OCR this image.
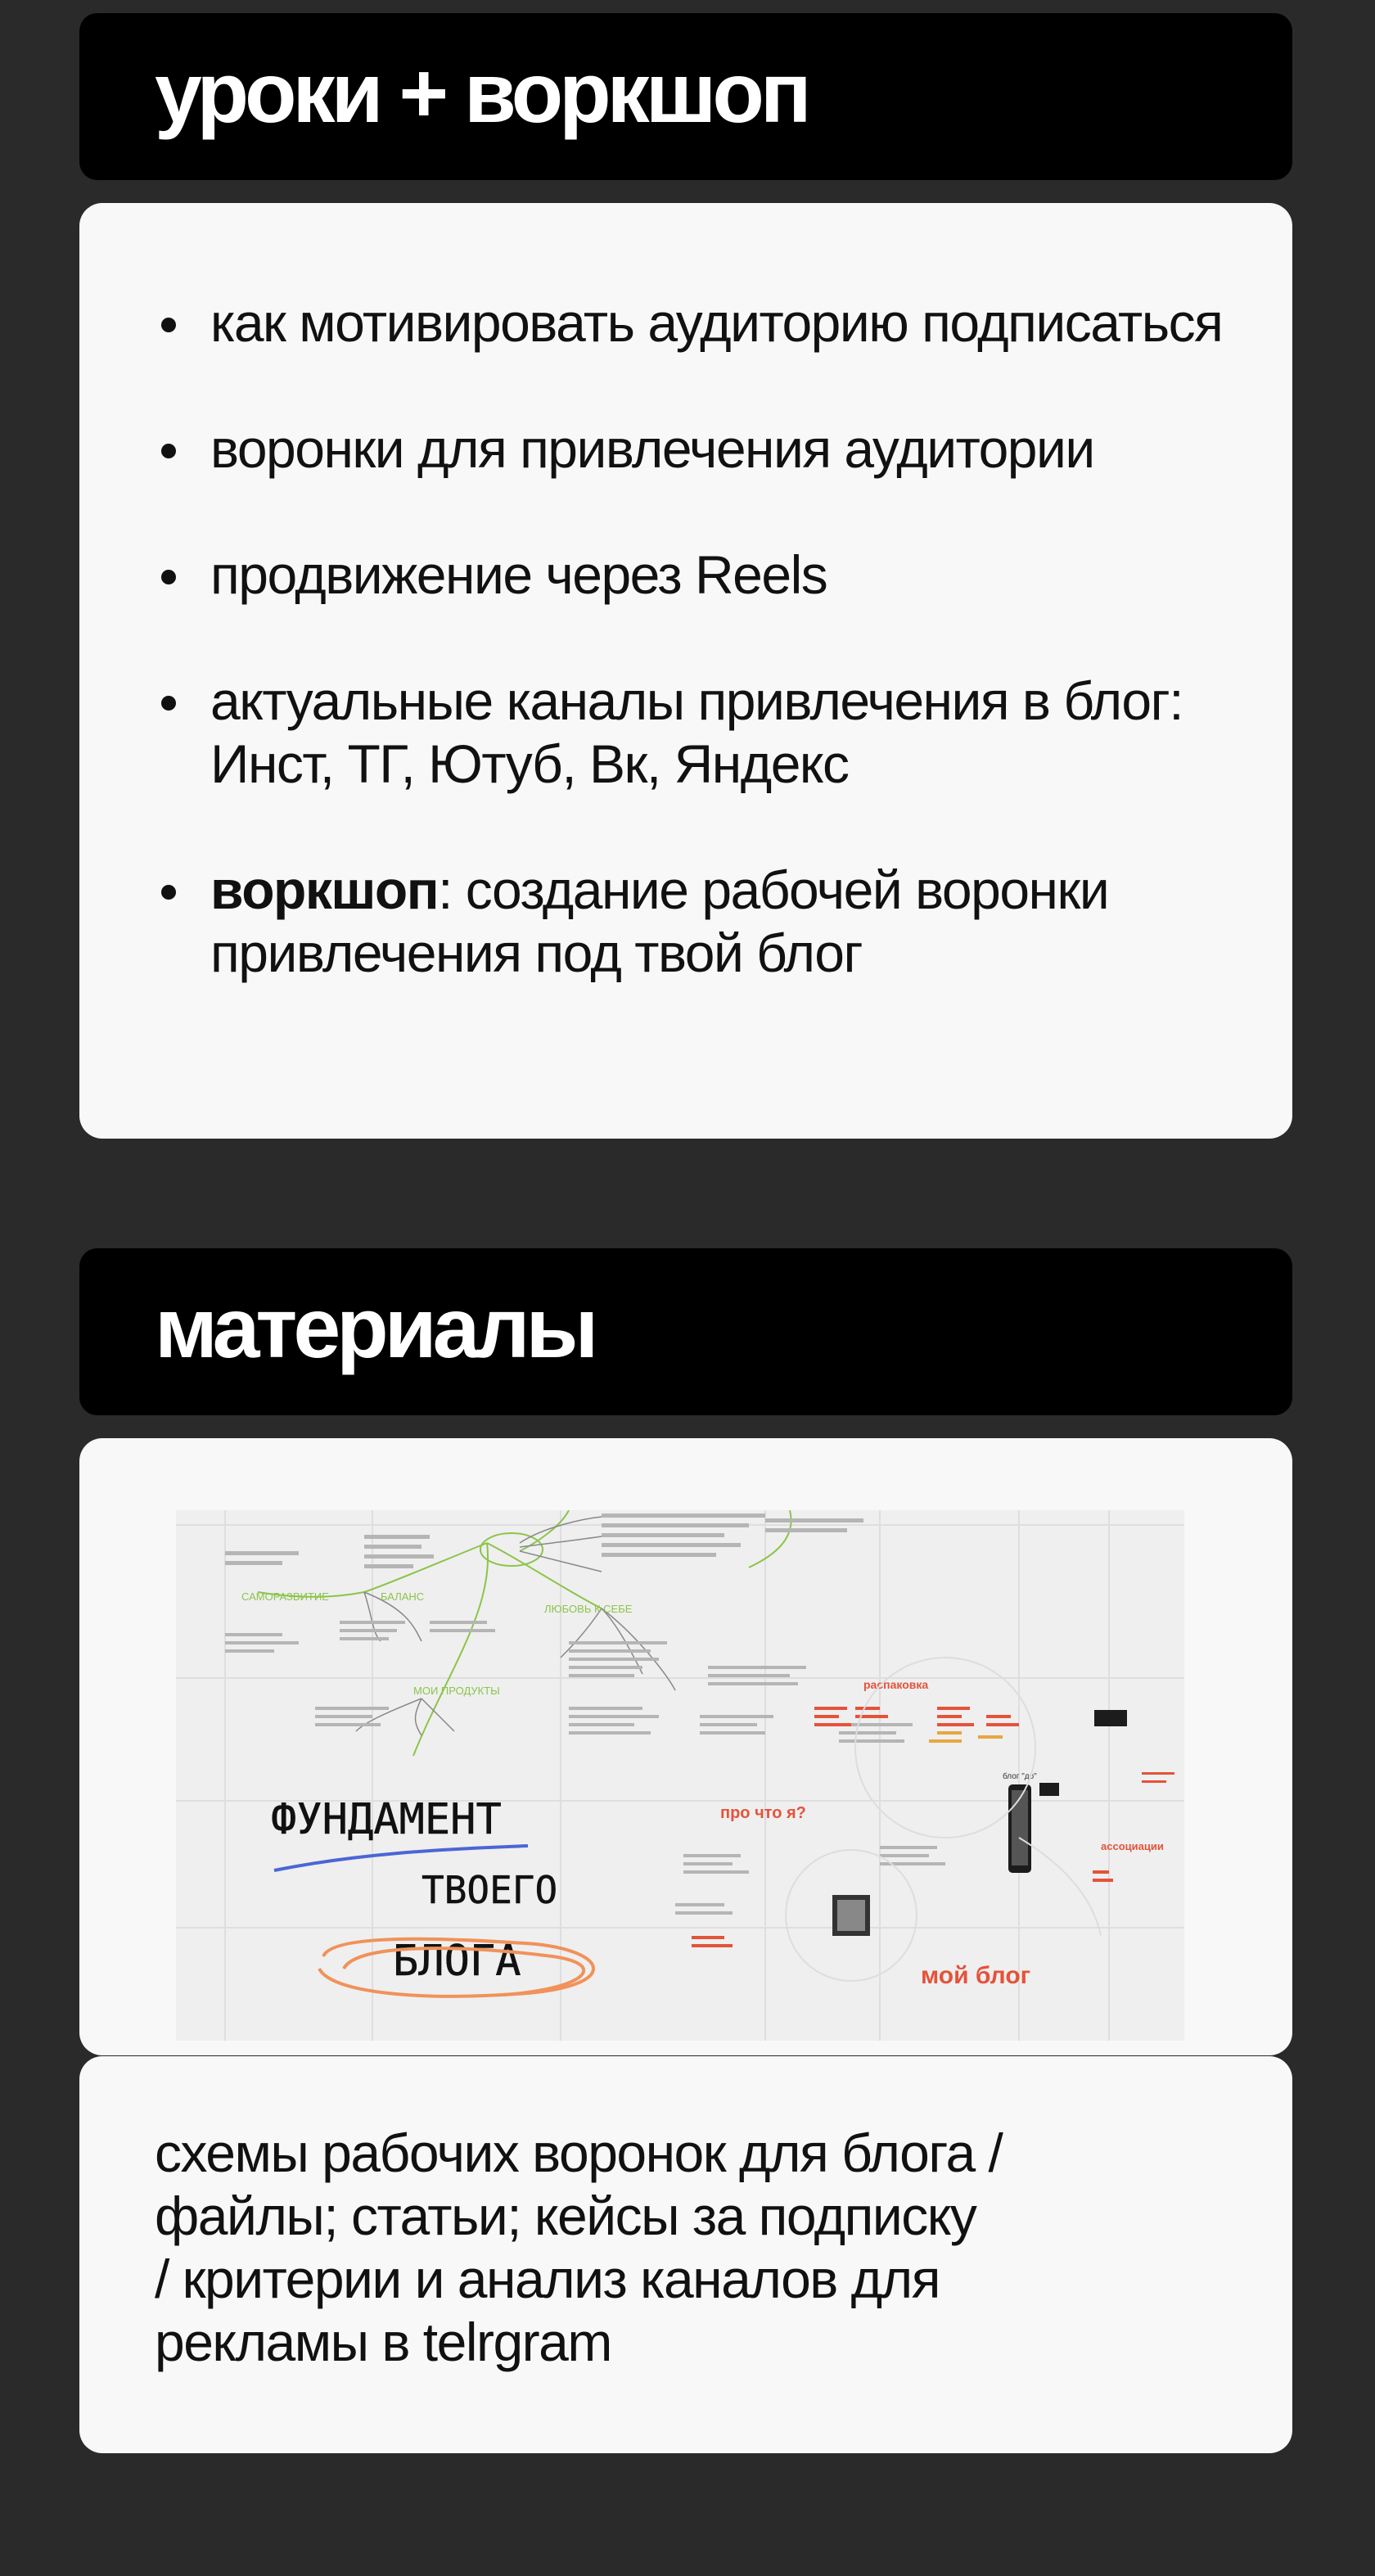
уроки + воркшоп
как мотивировать аудиторию подписаться
воронки для привлечения аудитории
продвижение через Reels
актуальные каналы привлечения в блог: Инст, ТГ, Ютуб, Вк, Яндекс
воркшоп: создание рабочей воронки привлечения под твой блог
материалы
САМОРАЗВИТИЕ	БАЛАНС
ЛЮБОВЬ К СЕБЕ
МОИ ПРОДУКТЫ	распаковка
про что я?
мой блог
ассоциации
блог "до"
ФУНДАМЕНТ
ТВОЕГО
БЛОГА
схемы рабочих воронок для блога /
файлы; статьи; кейсы за подписку
/ критерии и анализ каналов для
рекламы в telrgram
